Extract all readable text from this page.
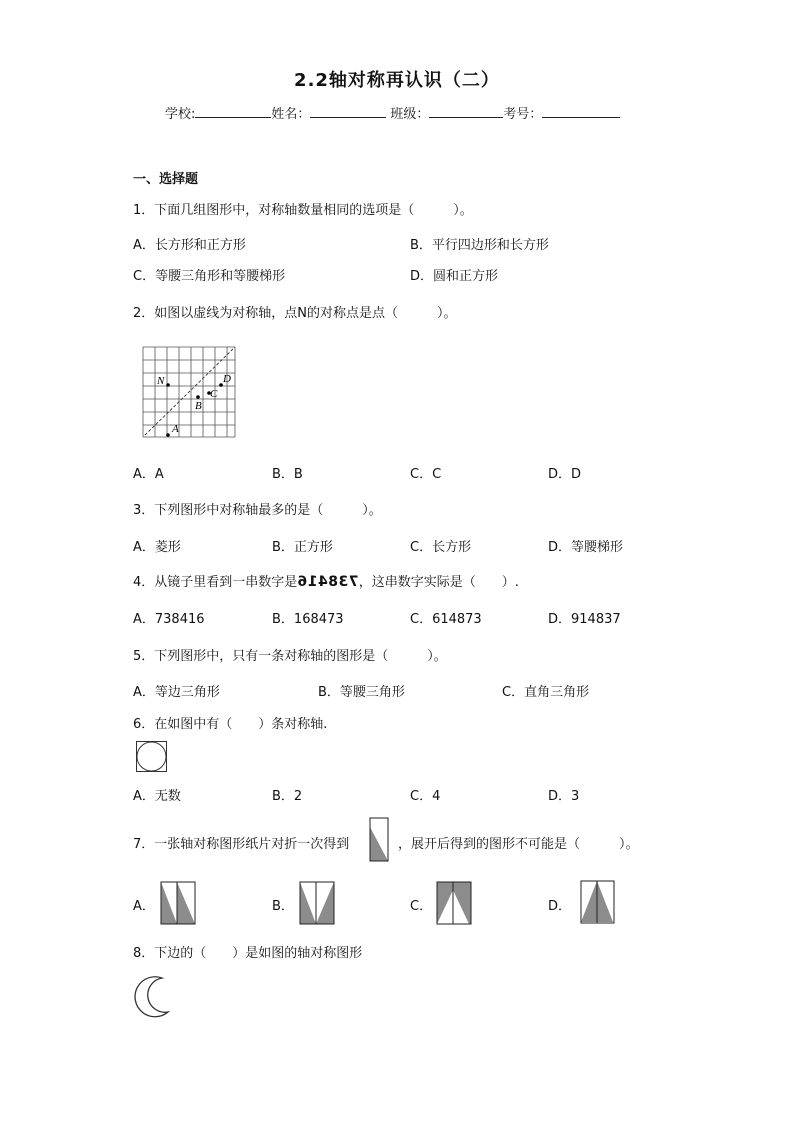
2.2轴对称再认识（二）
学校:	姓名：	班级：	考号：
一、选择题
1．下面几组图形中，对称轴数量相同的选项是（　　　）。
A．长方形和正方形	B．平行四边形和长方形
C．等腰三角形和等腰梯形	D．圆和正方形
2．如图以虚线为对称轴，点N的对称点是点（　　　）。
N	D
C
B
A
A．A	B．B	C．C	D．D
3．下列图形中对称轴最多的是（　　　）。
A．菱形	B．正方形	C．长方形	D．等腰梯形
4．从镜子里看到一串数字是738416，这串数字实际是（　　）.
A．738416	B．168473	C．614873	D．914837
5．下列图形中，只有一条对称轴的图形是（　　　）。
A．等边三角形	B．等腰三角形	C．直角三角形
6．在如图中有（　　）条对称轴.
A．无数	B．2	C．4	D．3
7．一张轴对称图形纸片对折一次得到	，展开后得到的图形不可能是（　　　）。
A．	B．	C．	D．
8．下边的（　　）是如图的轴对称图形
